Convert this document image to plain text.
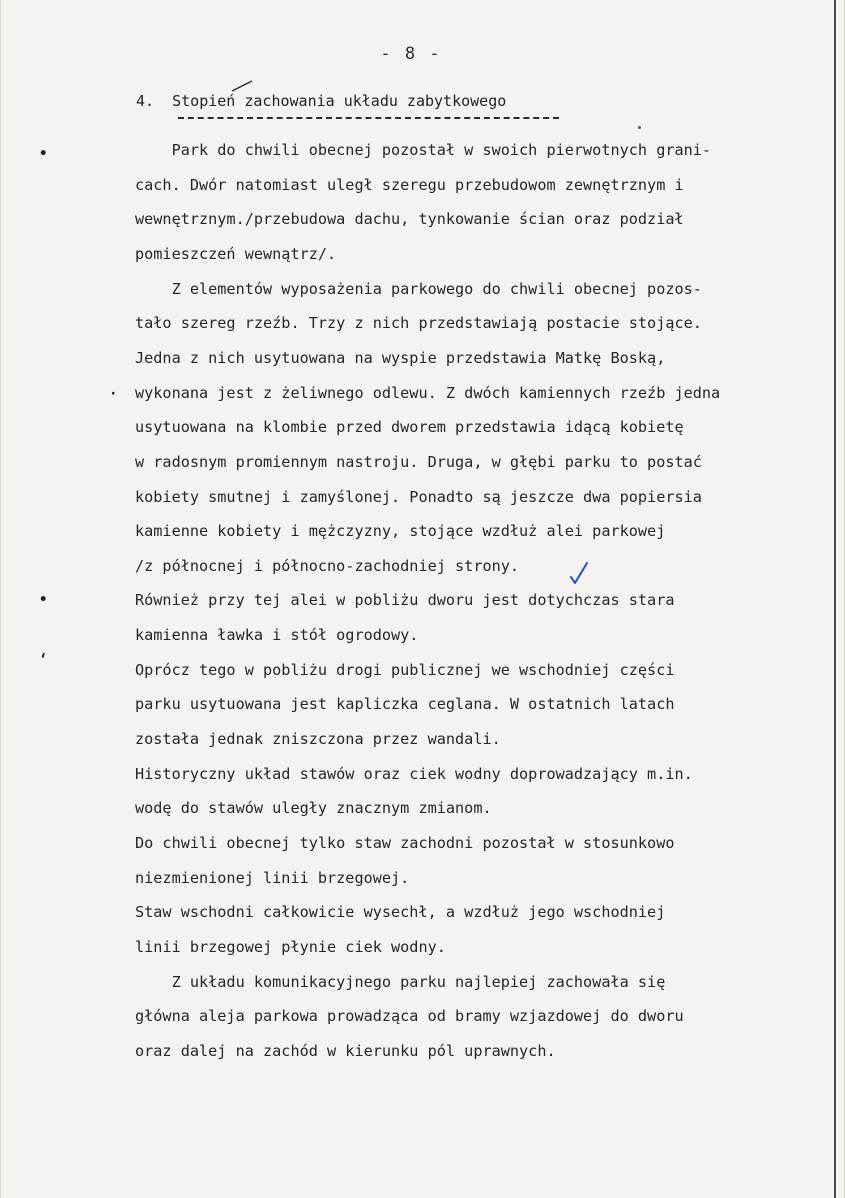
- 8 -
4. Stopień zachowania układu zabytkowego
•
·
•
ʻ
Park do chwili obecnej pozostał w swoich pierwotnych grani-
cach. Dwór natomiast uległ szeregu przebudowom zewnętrznym i
wewnętrznym./przebudowa dachu, tynkowanie ścian oraz podział
pomieszczeń wewnątrz/.
Z elementów wyposażenia parkowego do chwili obecnej pozos-
tało szereg rzeźb. Trzy z nich przedstawiają postacie stojące.
Jedna z nich usytuowana na wyspie przedstawia Matkę Boską,
wykonana jest z żeliwnego odlewu. Z dwóch kamiennych rzeźb jedna
usytuowana na klombie przed dworem przedstawia idącą kobietę
w radosnym promiennym nastroju. Druga, w głębi parku to postać
kobiety smutnej i zamyślonej. Ponadto są jeszcze dwa popiersia
kamienne kobiety i mężczyzny, stojące wzdłuż alei parkowej
/z północnej i północno-zachodniej strony.
Również przy tej alei w pobliżu dworu jest dotychczas stara
kamienna ławka i stół ogrodowy.
Oprócz tego w pobliżu drogi publicznej we wschodniej części
parku usytuowana jest kapliczka ceglana. W ostatnich latach
została jednak zniszczona przez wandali.
Historyczny układ stawów oraz ciek wodny doprowadzający m.in.
wodę do stawów uległy znacznym zmianom.
Do chwili obecnej tylko staw zachodni pozostał w stosunkowo
niezmienionej linii brzegowej.
Staw wschodni całkowicie wysechł, a wzdłuż jego wschodniej
linii brzegowej płynie ciek wodny.
Z układu komunikacyjnego parku najlepiej zachowała się
główna aleja parkowa prowadząca od bramy wzjazdowej do dworu
oraz dalej na zachód w kierunku pól uprawnych.
